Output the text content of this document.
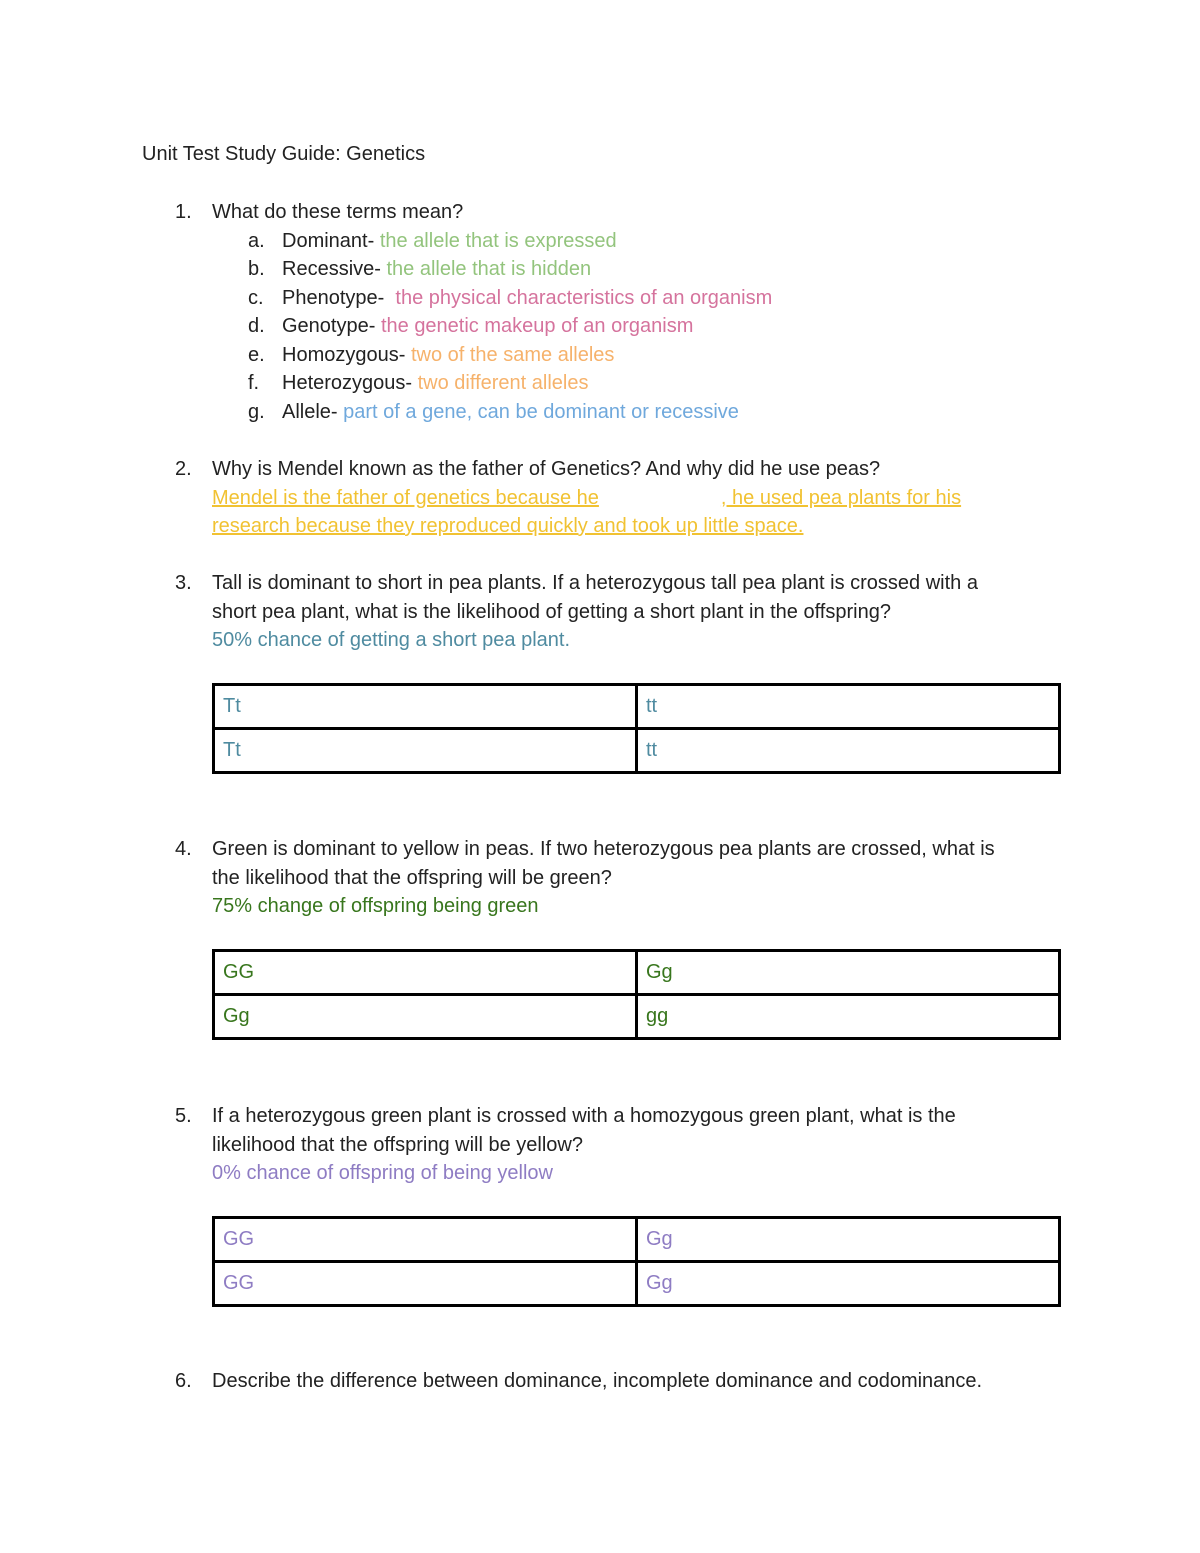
Unit Test Study Guide: Genetics
1. What do these terms mean?
a. Dominant- the allele that is expressed
b. Recessive- the allele that is hidden
c. Phenotype- the physical characteristics of an organism
d. Genotype- the genetic makeup of an organism
e. Homozygous- two of the same alleles
f. Heterozygous- two different alleles
g. Allele- part of a gene, can be dominant or recessive
2. Why is Mendel known as the father of Genetics? And why did he use peas?
Mendel is the father of genetics because he	, he used pea plants for his
research because they reproduced quickly and took up little space.
3. Tall is dominant to short in pea plants. If a heterozygous tall pea plant is crossed with a
short pea plant, what is the likelihood of getting a short plant in the offspring?
50% chance of getting a short pea plant.
Tt	tt
Tt	tt
4. Green is dominant to yellow in peas. If two heterozygous pea plants are crossed, what is
the likelihood that the offspring will be green?
75% change of offspring being green
GG	Gg
Gg	gg
5. If a heterozygous green plant is crossed with a homozygous green plant, what is the
likelihood that the offspring will be yellow?
0% chance of offspring of being yellow
GG	Gg
GG	Gg
6. Describe the difference between dominance, incomplete dominance and codominance.
